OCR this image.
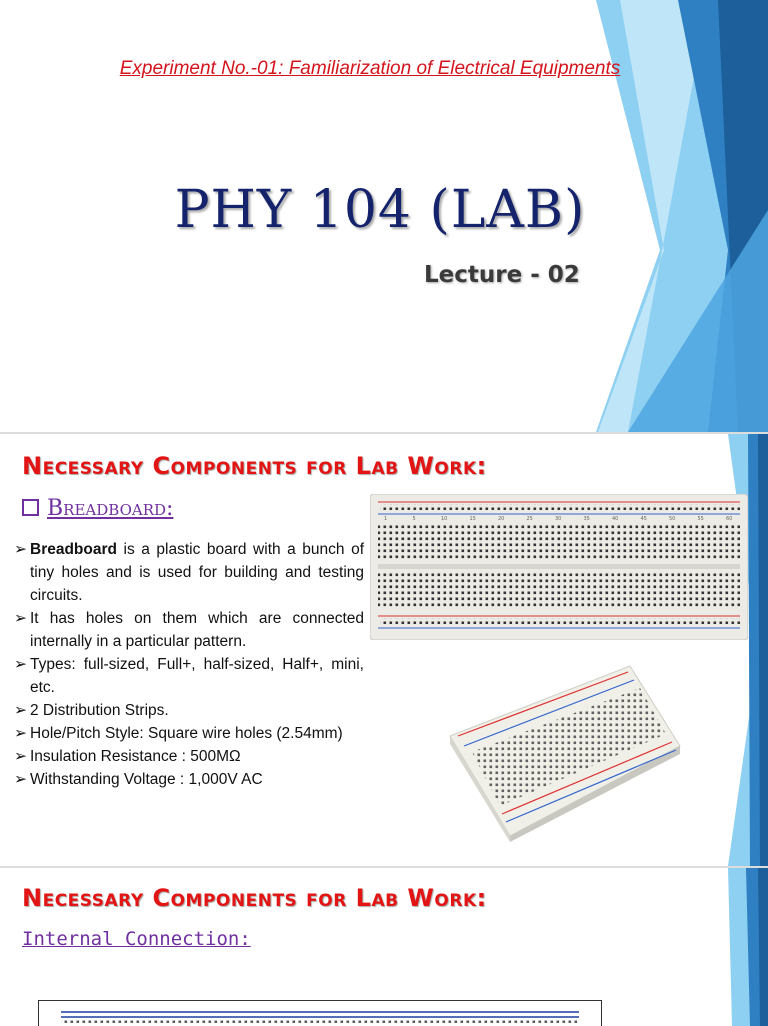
Experiment No.-01: Familiarization of Electrical Equipments
PHY 104 (LAB)
Lecture - 02
Necessary Components for Lab Work:
Breadboard:
➢ Breadboard is a plastic board with a bunch of tiny holes and is used for building and testing circuits.
➢ It has holes on them which are connected internally in a particular pattern.
➢ Types: full-sized, Full+, half-sized, Half+, mini, etc.
➢ 2 Distribution Strips.
➢ Hole/Pitch Style: Square wire holes (2.54mm)
➢ Insulation Resistance : 500MΩ
➢ Withstanding Voltage : 1,000V AC
1	5	10	15	20	25	30	35	40	45	50	55	60
Necessary Components for Lab Work:
Internal Connection:
